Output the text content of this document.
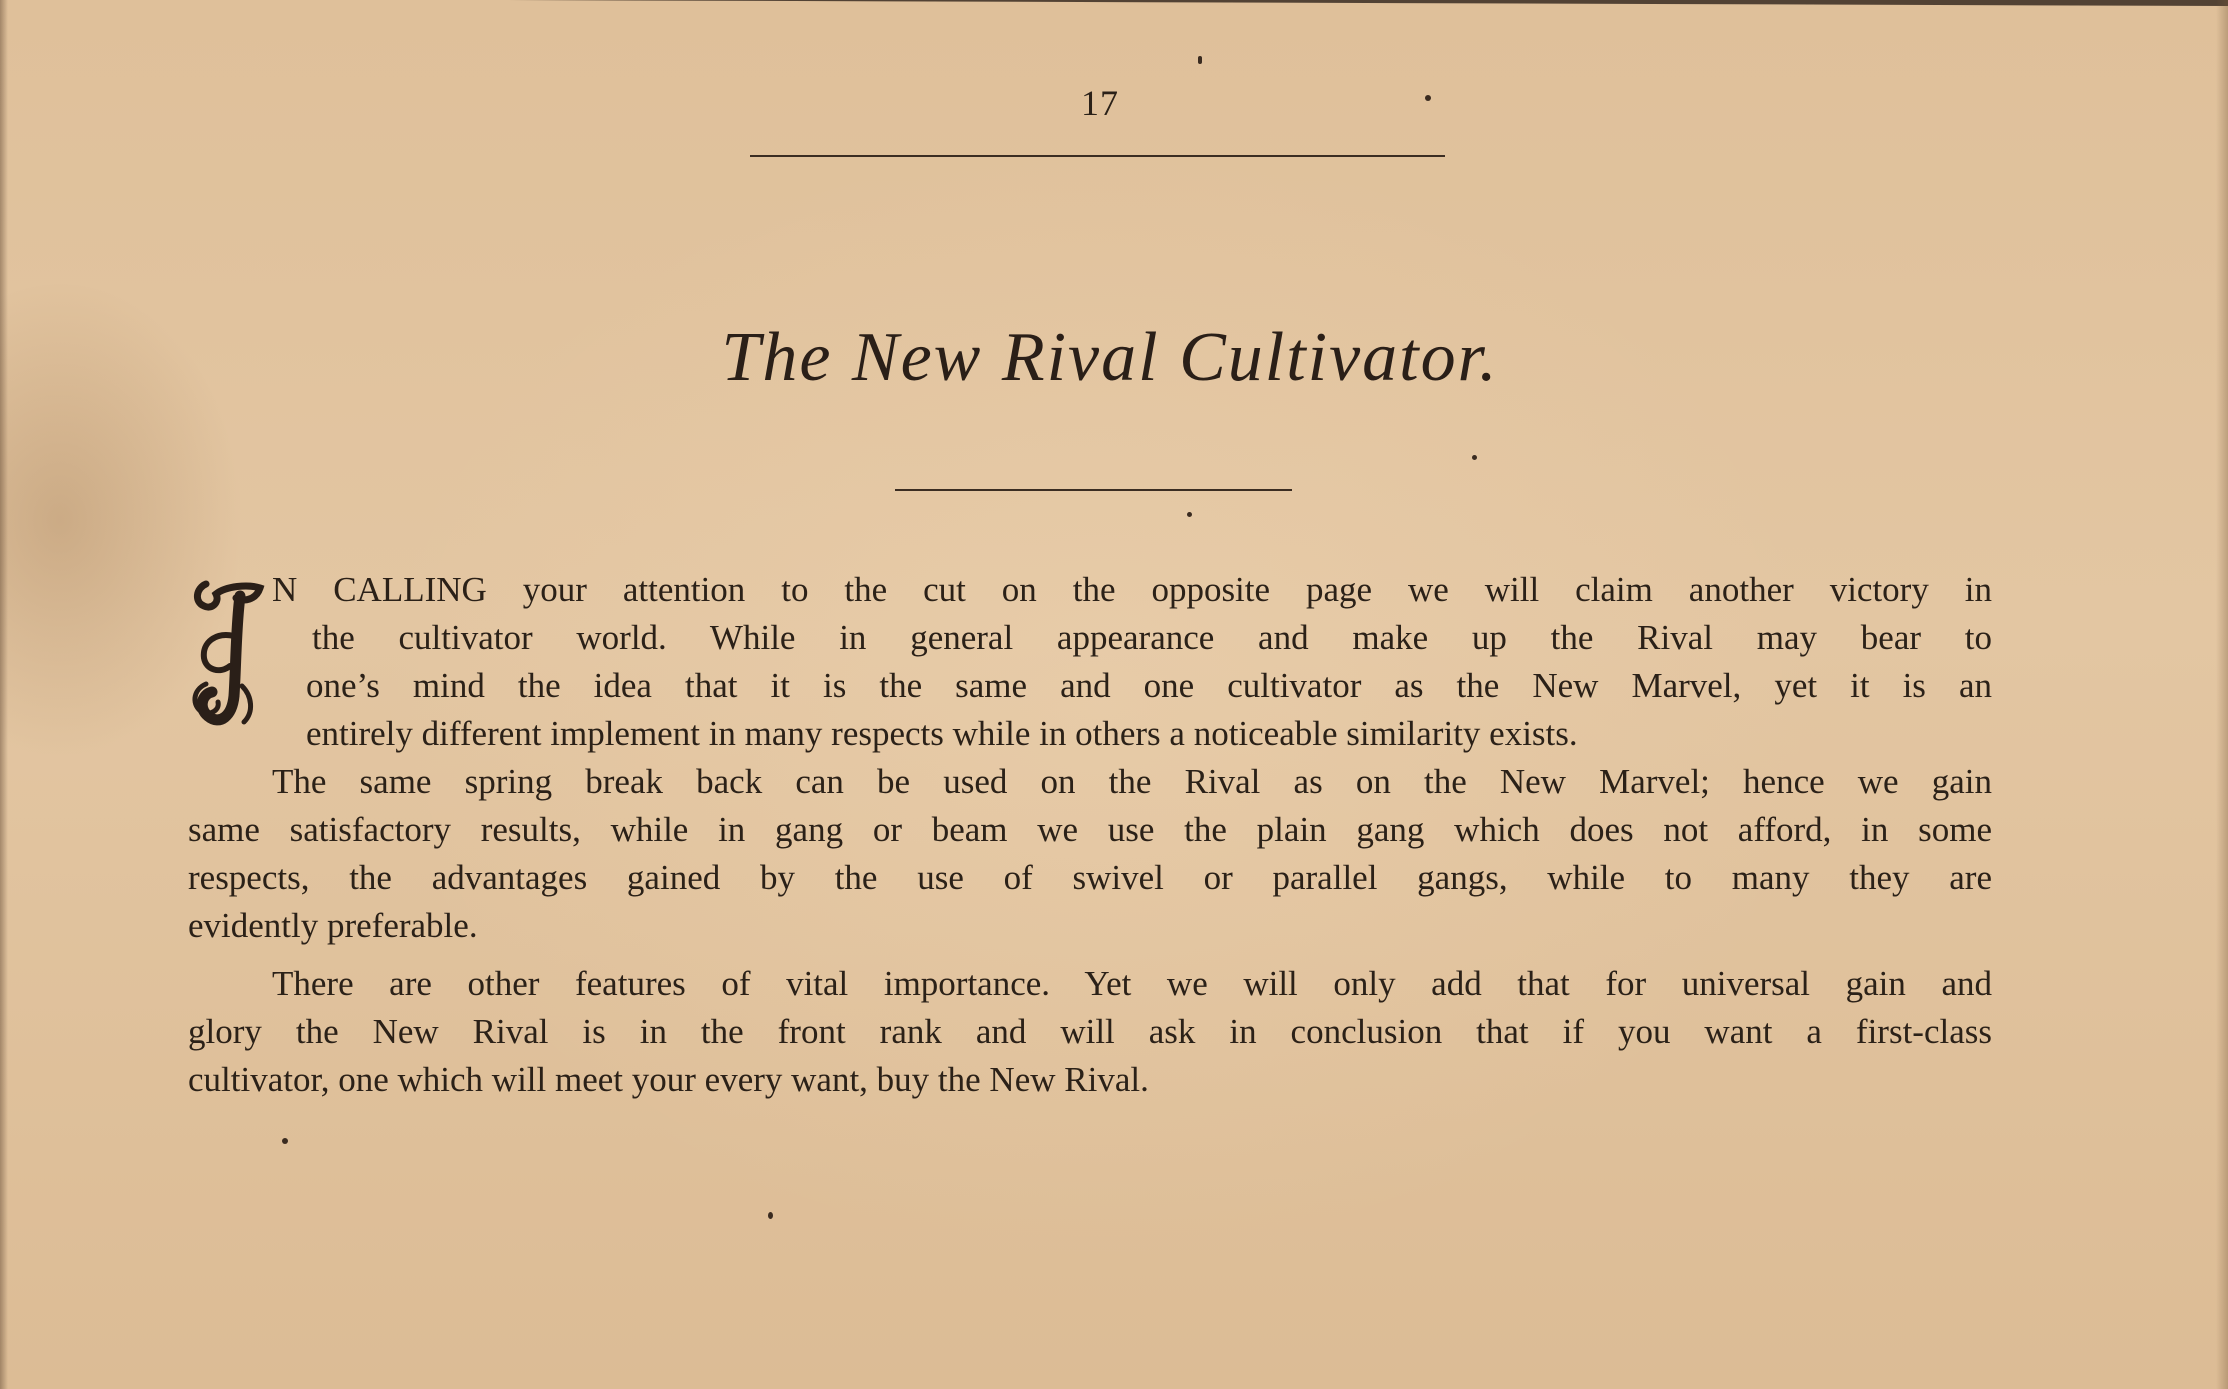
17
The New Rival Cultivator.
N CALLING your attention to the cut on the opposite page we will claim another victory in
the cultivator world. While in general appearance and make up the Rival may bear to
one’s mind the idea that it is the same and one cultivator as the New Marvel, yet it is an
entirely different implement in many respects while in others a noticeable similarity exists.
The same spring break back can be used on the Rival as on the New Marvel; hence we gain
same satisfactory results, while in gang or beam we use the plain gang which does not afford, in some
respects, the advantages gained by the use of swivel or parallel gangs, while to many they are
evidently preferable.
There are other features of vital importance. Yet we will only add that for universal gain and
glory the New Rival is in the front rank and will ask in conclusion that if you want a first-class
cultivator, one which will meet your every want, buy the New Rival.
